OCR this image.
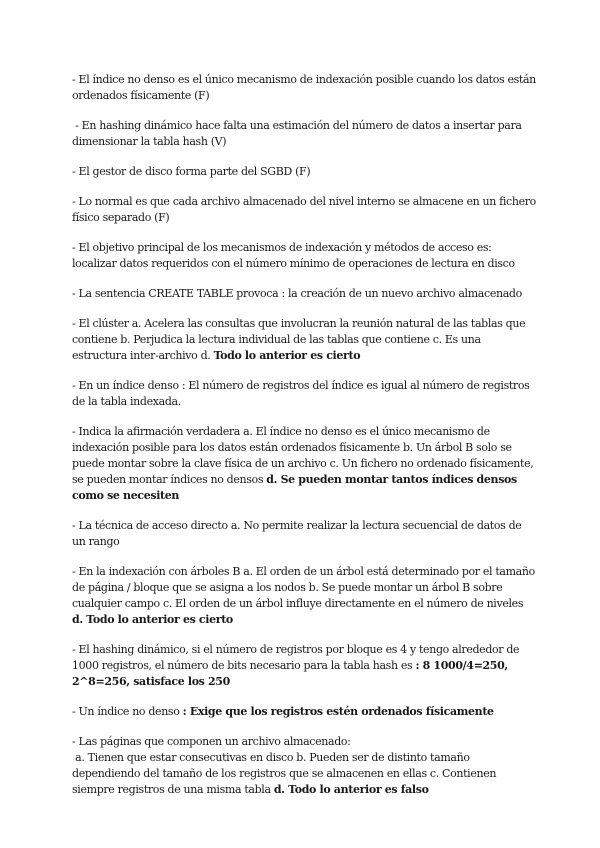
- El índice no denso es el único mecanismo de indexación posible cuando los datos están ordenados físicamente (F)

- En hashing dinámico hace falta una estimación del número de datos a insertar para dimensionar la tabla hash (V)

- El gestor de disco forma parte del SGBD (F)

- Lo normal es que cada archivo almacenado del nivel interno se almacene en un fichero físico separado (F)

- El objetivo principal de los mecanismos de indexación y métodos de acceso es: localizar datos requeridos con el número mínimo de operaciones de lectura en disco

- La sentencia CREATE TABLE provoca : la creación de un nuevo archivo almacenado

- El clúster a. Acelera las consultas que involucran la reunión natural de las tablas que contiene b. Perjudica la lectura individual de las tablas que contiene c. Es una estructura inter-archivo d. Todo lo anterior es cierto

- En un índice denso : El número de registros del índice es igual al número de registros de la tabla indexada.

- Indica la afirmación verdadera a. El índice no denso es el único mecanismo de indexación posible para los datos están ordenados físicamente b. Un árbol B solo se puede montar sobre la clave física de un archivo c. Un fichero no ordenado físicamente, se pueden montar índices no densos d. Se pueden montar tantos índices densos como se necesiten

- La técnica de acceso directo a. No permite realizar la lectura secuencial de datos de un rango

- En la indexación con árboles B a. El orden de un árbol está determinado por el tamaño de página / bloque que se asigna a los nodos b. Se puede montar un árbol B sobre cualquier campo c. El orden de un árbol influye directamente en el número de niveles d. Todo lo anterior es cierto

- El hashing dinámico, si el número de registros por bloque es 4 y tengo alrededor de 1000 registros, el número de bits necesario para la tabla hash es : 8 1000/4=250, 2^8=256, satisface los 250

- Un índice no denso : Exige que los registros estén ordenados físicamente

- Las páginas que componen un archivo almacenado:
a. Tienen que estar consecutivas en disco b. Pueden ser de distinto tamaño dependiendo del tamaño de los registros que se almacenen en ellas c. Contienen siempre registros de una misma tabla d. Todo lo anterior es falso
